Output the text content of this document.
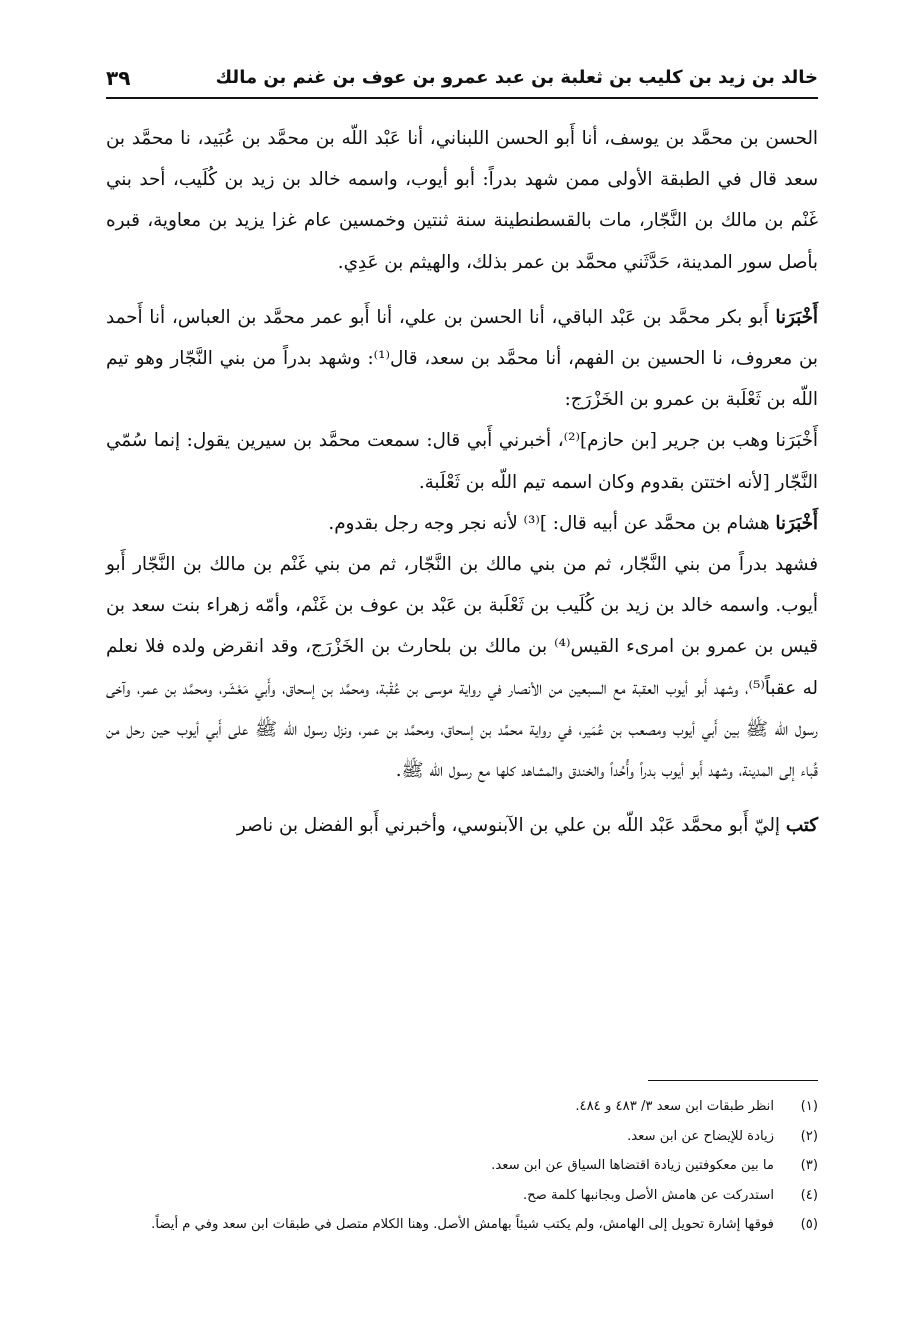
خالد بن زيد بن كليب بن ثعلبة بن عبد عمرو بن عوف بن غنم بن مالك
٣٩

الحسن بن محمَّد بن يوسف، أنا أَبو الحسن اللبناني، أنا عَبْد اللّه بن محمَّد بن عُبَيد، نا محمَّد بن سعد قال في الطبقة الأولى ممن شهد بدراً: أبو أيوب، واسمه خالد بن زيد بن كُلَيب، أحد بني غَنْم بن مالك بن النَّجّار، مات بالقسطنطينة سنة ثنتين وخمسين عام غزا يزيد بن معاوية، قبره بأصل سور المدينة، حَدَّثَني محمَّد بن عمر بذلك، والهيثم بن عَدِي.

أَخْبَرَنا أَبو بكر محمَّد بن عَبْد الباقي، أنا الحسن بن علي، أنا أَبو عمر محمَّد بن العباس، أنا أَحمد بن معروف، نا الحسين بن الفهم، أنا محمَّد بن سعد، قال⁽¹⁾: وشهد بدراً من بني النَّجّار وهو تيم اللّه بن ثَعْلَبة بن عمرو بن الخَزْرَج:

أَخْبَرَنا وهب بن جرير [بن حازم]⁽²⁾، أخبرني أَبي قال: سمعت محمَّد بن سيرين يقول: إنما سُمّي النَّجّار [لأنه اختتن بقدوم وكان اسمه تيم اللّه بن ثَعْلَبة.

أَخْبَرَنا هشام بن محمَّد عن أبيه قال: ]⁽³⁾ لأنه نجر وجه رجل بقدوم.

فشهد بدراً من بني النَّجّار، ثم من بني مالك بن النَّجّار، ثم من بني غَنْم بن مالك بن النَّجّار أَبو أيوب. واسمه خالد بن زيد بن كُلَيب بن ثَعْلَبة بن عَبْد بن عوف بن غَنْم، وأمّه زهراء بنت سعد بن قيس بن عمرو بن امرىء القيس⁽⁴⁾ بن مالك بن بلحارث بن الخَزْرَج، وقد انقرض ولده فلا نعلم له عقباً⁽⁵⁾، وشهد أَبو أيوب العقبة مع السبعين من الأنصار في رواية موسى بن عُقْبة، ومحمَّد بن إسحاق، وأَبي مَعْشَر، ومحمَّد بن عمر، وآخى رسول اللّه ﷺ بين أَبي أيوب ومصعب بن عُمَير، في رواية محمَّد بن إسحاق، ومحمَّد بن عمر، ونزل رسول اللّه ﷺ على أَبي أيوب حين رحل من قُباء إلى المدينة، وشهد أَبو أيوب بدراً وأُحُداً والخندق والمشاهد كلها مع رسول اللّه ﷺ.

كتب إليّ أَبو محمَّد عَبْد اللّه بن علي بن الآبنوسي، وأخبرني أَبو الفضل بن ناصر

(١)
انظر طبقات ابن سعد ٣/ ٤٨٣ و ٤٨٤.
(٢)
زيادة للإيضاح عن ابن سعد.
(٣)
ما بين معكوفتين زيادة اقتضاها السياق عن ابن سعد.
(٤)
استدركت عن هامش الأصل وبجانبها كلمة صح.
(٥)
فوقها إشارة تحويل إلى الهامش، ولم يكتب شيئاً بهامش الأصل. وهنا الكلام متصل في طبقات ابن سعد وفي م أيضاً.
